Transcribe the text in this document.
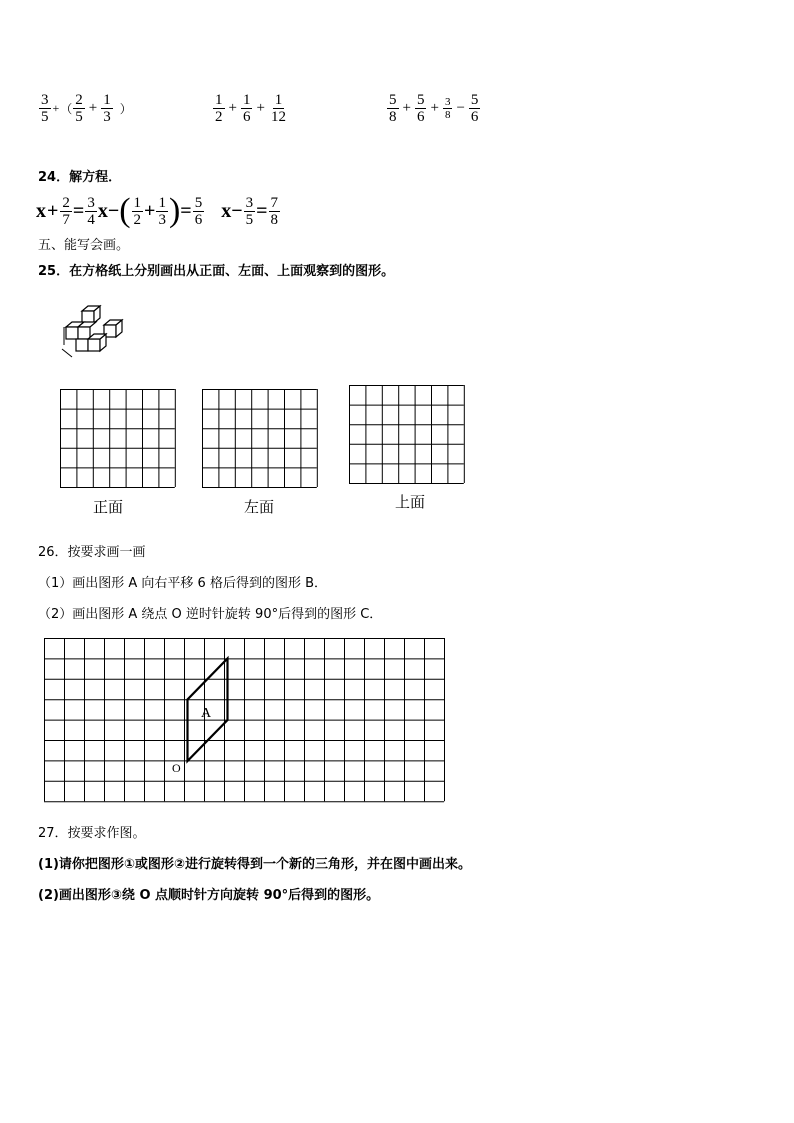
$\frac{3}{5}$ + （ $\frac{2}{5} + \frac{1}{3}$ ）	$\frac{1}{2} + \frac{1}{6} + \frac{1}{12}$	$\frac{5}{8} + \frac{5}{6} + \frac{3}{8} - \frac{5}{6}$
24．解方程．
$x + \frac{2}{7} = \frac{3}{4}$ x − ( $\frac{1}{2} + \frac{1}{3}$ ) = $\frac{5}{6}$ $x - \frac{3}{5} = \frac{7}{8}$
五、能写会画。
25．在方格纸上分别画出从正面、左面、上面观察到的图形。
正面	左面	上面
26．按要求画一画
（1）画出图形 A 向右平移 6 格后得到的图形 B．
（2）画出图形 A 绕点 O 逆时针旋转 90°后得到的图形 C．
A
O
27．按要求作图。
(1)请你把图形①或图形②进行旋转得到一个新的三角形，并在图中画出来。
(2)画出图形③绕 O 点顺时针方向旋转 90°后得到的图形。
